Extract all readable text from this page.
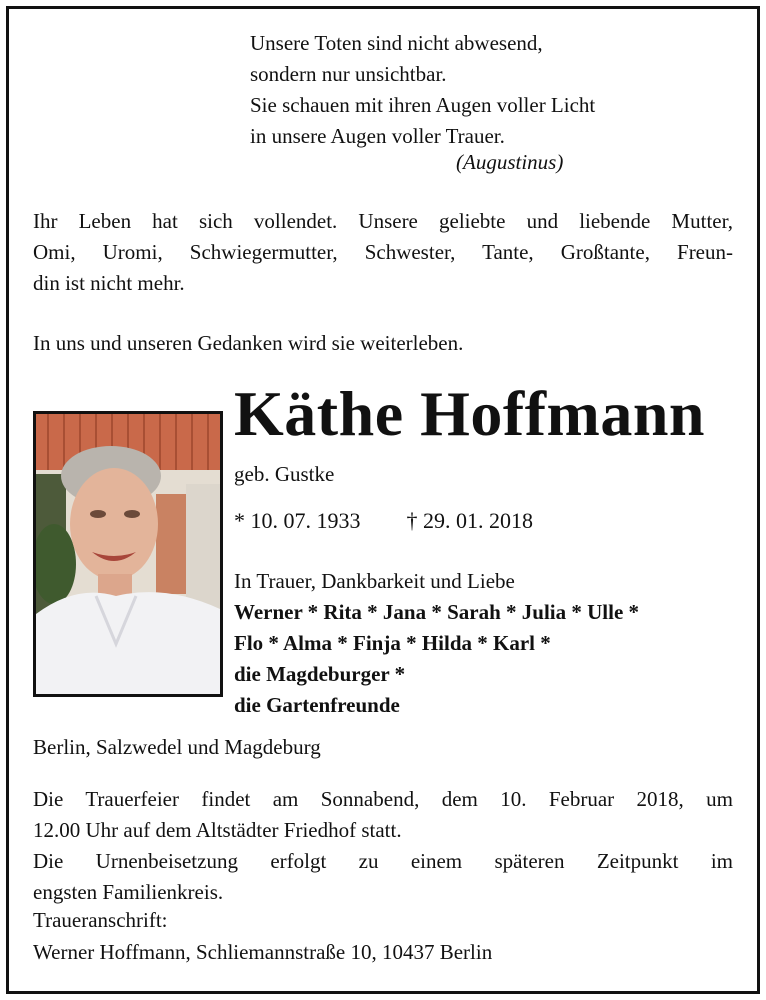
Unsere Toten sind nicht abwesend,
sondern nur unsichtbar.
Sie schauen mit ihren Augen voller Licht
in unsere Augen voller Trauer.
(Augustinus)
Ihr Leben hat sich vollendet. Unsere geliebte und liebende Mutter,
Omi, Uromi, Schwiegermutter, Schwester, Tante, Großtante, Freun-
din ist nicht mehr.
In uns und unseren Gedanken wird sie weiterleben.
Käthe Hoffmann
geb. Gustke
* 10. 07. 1933 † 29. 01. 2018
In Trauer, Dankbarkeit und Liebe
Werner * Rita * Jana * Sarah * Julia * Ulle *
Flo * Alma * Finja * Hilda * Karl *
die Magdeburger *
die Gartenfreunde
Berlin, Salzwedel und Magdeburg
Die Trauerfeier findet am Sonnabend, dem 10. Februar 2018, um
12.00 Uhr auf dem Altstädter Friedhof statt.
Die Urnenbeisetzung erfolgt zu einem späteren Zeitpunkt im
engsten Familienkreis.
Traueranschrift:
Werner Hoffmann, Schliemannstraße 10, 10437 Berlin
